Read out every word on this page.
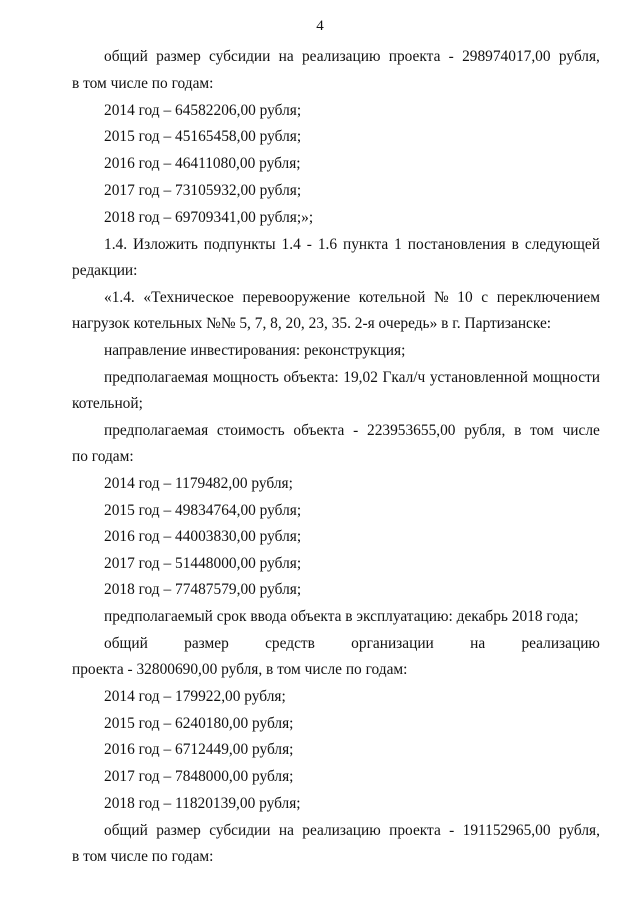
4
общий размер субсидии на реализацию проекта - 298974017,00 рубля,
в том числе по годам:
2014 год – 64582206,00 рубля;
2015 год – 45165458,00 рубля;
2016 год – 46411080,00 рубля;
2017 год – 73105932,00 рубля;
2018 год – 69709341,00 рубля;»;
1.4. Изложить подпункты 1.4 - 1.6 пункта 1 постановления в следующей
редакции:
«1.4. «Техническое перевооружение котельной № 10 с переключением
нагрузок котельных №№ 5, 7, 8, 20, 23, 35. 2-я очередь» в г. Партизанске:
направление инвестирования: реконструкция;
предполагаемая мощность объекта: 19,02 Гкал/ч установленной мощности
котельной;
предполагаемая стоимость объекта - 223953655,00 рубля, в том числе
по годам:
2014 год – 1179482,00 рубля;
2015 год – 49834764,00 рубля;
2016 год – 44003830,00 рубля;
2017 год – 51448000,00 рубля;
2018 год – 77487579,00 рубля;
предполагаемый срок ввода объекта в эксплуатацию: декабрь 2018 года;
общий размер средств организации на реализацию
проекта - 32800690,00 рубля, в том числе по годам:
2014 год – 179922,00 рубля;
2015 год – 6240180,00 рубля;
2016 год – 6712449,00 рубля;
2017 год – 7848000,00 рубля;
2018 год – 11820139,00 рубля;
общий размер субсидии на реализацию проекта - 191152965,00 рубля,
в том числе по годам:
